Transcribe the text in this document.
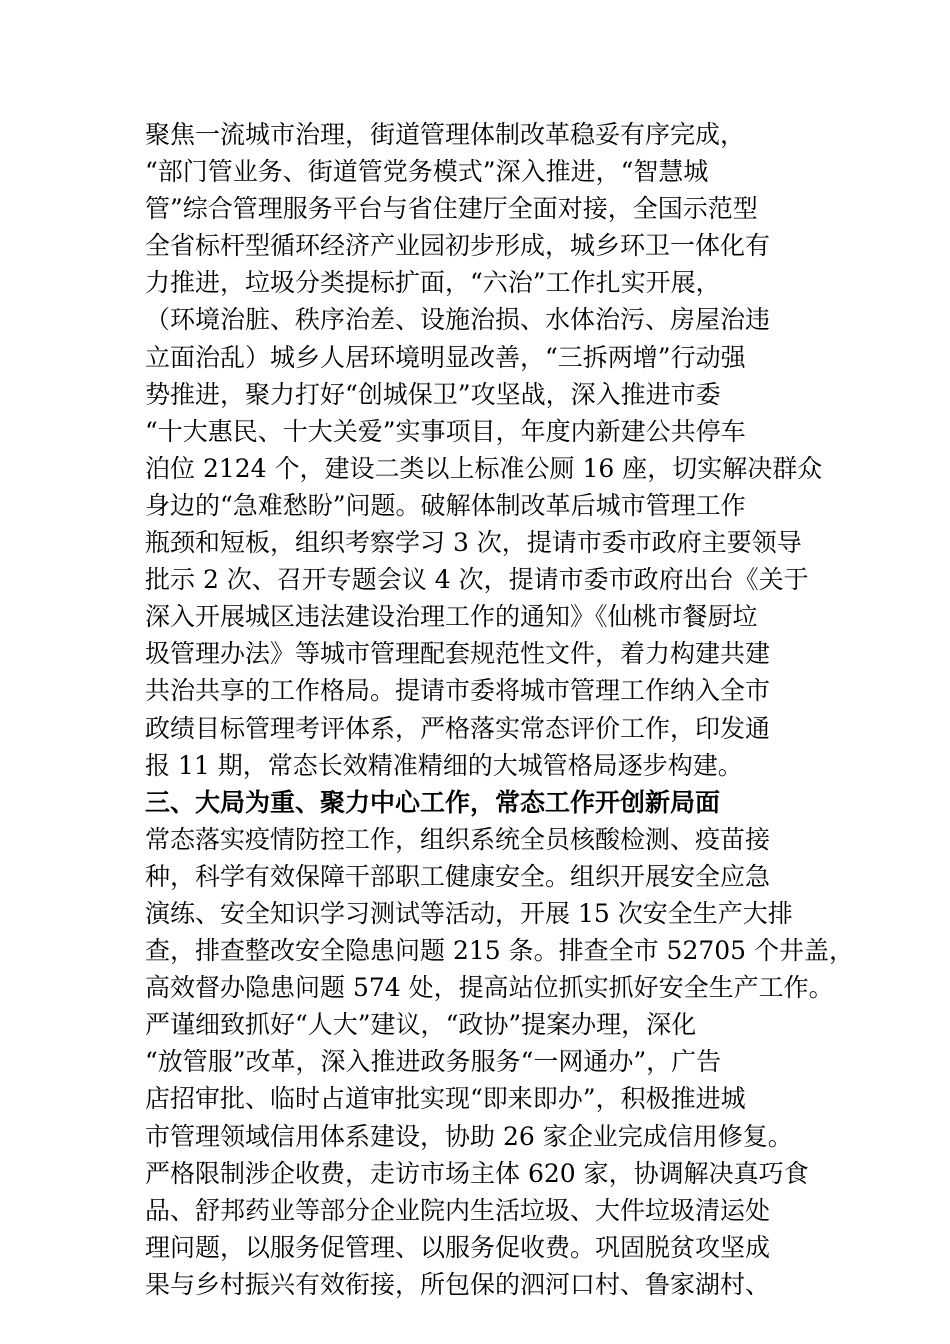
聚焦一流城市治理，街道管理体制改革稳妥有序完成，
“部门管业务、街道管党务模式”深入推进，“智慧城
管”综合管理服务平台与省住建厅全面对接，全国示范型
全省标杆型循环经济产业园初步形成，城乡环卫一体化有
力推进，垃圾分类提标扩面，“六治”工作扎实开展，
（环境治脏、秩序治差、设施治损、水体治污、房屋治违
立面治乱）城乡人居环境明显改善，“三拆两增”行动强
势推进，聚力打好“创城保卫”攻坚战，深入推进市委
“十大惠民、十大关爱”实事项目，年度内新建公共停车
泊位 2124 个，建设二类以上标准公厕 16 座，切实解决群众
身边的“急难愁盼”问题。破解体制改革后城市管理工作
瓶颈和短板，组织考察学习 3 次，提请市委市政府主要领导
批示 2 次、召开专题会议 4 次，提请市委市政府出台《关于
深入开展城区违法建设治理工作的通知》《仙桃市餐厨垃
圾管理办法》等城市管理配套规范性文件，着力构建共建
共治共享的工作格局。提请市委将城市管理工作纳入全市
政绩目标管理考评体系，严格落实常态评价工作，印发通
报 11 期，常态长效精准精细的大城管格局逐步构建。
三、大局为重、聚力中心工作，常态工作开创新局面
常态落实疫情防控工作，组织系统全员核酸检测、疫苗接
种，科学有效保障干部职工健康安全。组织开展安全应急
演练、安全知识学习测试等活动，开展 15 次安全生产大排
查，排查整改安全隐患问题 215 条。排查全市 52705 个井盖，
高效督办隐患问题 574 处，提高站位抓实抓好安全生产工作。
严谨细致抓好“人大”建议，“政协”提案办理，深化
“放管服”改革，深入推进政务服务“一网通办”，广告
店招审批、临时占道审批实现“即来即办”，积极推进城
市管理领域信用体系建设，协助 26 家企业完成信用修复。
严格限制涉企收费，走访市场主体 620 家，协调解决真巧食
品、舒邦药业等部分企业院内生活垃圾、大件垃圾清运处
理问题，以服务促管理、以服务促收费。巩固脱贫攻坚成
果与乡村振兴有效衔接，所包保的泗河口村、鲁家湖村、
